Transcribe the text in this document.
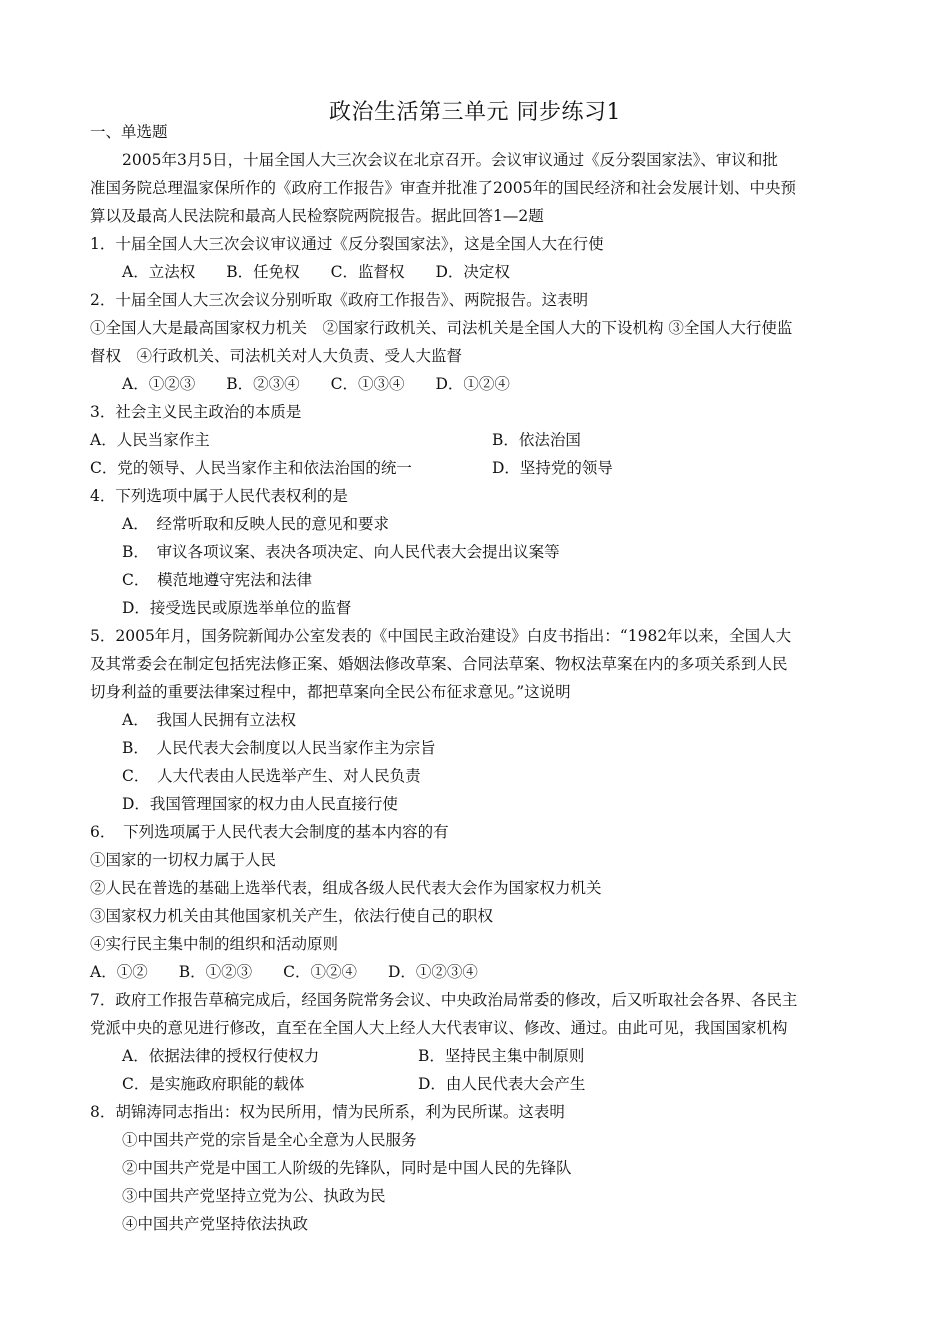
政治生活第三单元 同步练习1
一、单选题
2005年3月5日，十届全国人大三次会议在北京召开。会议审议通过《反分裂国家法》、审议和批
准国务院总理温家保所作的《政府工作报告》审查并批准了2005年的国民经济和社会发展计划、中央预
算以及最高人民法院和最高人民检察院两院报告。据此回答1—2题
1．十届全国人大三次会议审议通过《反分裂国家法》，这是全国人大在行使
A．立法权　　B．任免权　　C．监督权　　D．决定权
2．十届全国人大三次会议分别听取《政府工作报告》、两院报告。这表明
①全国人大是最高国家权力机关　②国家行政机关、司法机关是全国人大的下设机构 ③全国人大行使监
督权　④行政机关、司法机关对人大负责、受人大监督
A．①②③　　B．②③④　　C．①③④　　D．①②④
3．社会主义民主政治的本质是
A．人民当家作主	B．依法治国
C．党的领导、人民当家作主和依法治国的统一	D．坚持党的领导
4．下列选项中属于人民代表权利的是
A．　经常听取和反映人民的意见和要求
B．　审议各项议案、表决各项决定、向人民代表大会提出议案等
C．　模范地遵守宪法和法律
D．接受选民或原选举单位的监督
5．2005年月，国务院新闻办公室发表的《中国民主政治建设》白皮书指出：“1982年以来，全国人大
及其常委会在制定包括宪法修正案、婚姻法修改草案、合同法草案、物权法草案在内的多项关系到人民
切身利益的重要法律案过程中，都把草案向全民公布征求意见。”这说明
A．　我国人民拥有立法权
B．　人民代表大会制度以人民当家作主为宗旨
C．　人大代表由人民选举产生、对人民负责
D．我国管理国家的权力由人民直接行使
6．　下列选项属于人民代表大会制度的基本内容的有
①国家的一切权力属于人民
②人民在普选的基础上选举代表，组成各级人民代表大会作为国家权力机关
③国家权力机关由其他国家机关产生，依法行使自己的职权
④实行民主集中制的组织和活动原则
A．①②　　B．①②③　　C．①②④　　D．①②③④
7．政府工作报告草稿完成后，经国务院常务会议、中央政治局常委的修改，后又听取社会各界、各民主
党派中央的意见进行修改，直至在全国人大上经人大代表审议、修改、通过。由此可见，我国国家机构
A．依据法律的授权行使权力	B．坚持民主集中制原则
C．是实施政府职能的载体	D．由人民代表大会产生
8．胡锦涛同志指出：权为民所用，情为民所系，利为民所谋。这表明
①中国共产党的宗旨是全心全意为人民服务
②中国共产党是中国工人阶级的先锋队，同时是中国人民的先锋队
③中国共产党坚持立党为公、执政为民
④中国共产党坚持依法执政
